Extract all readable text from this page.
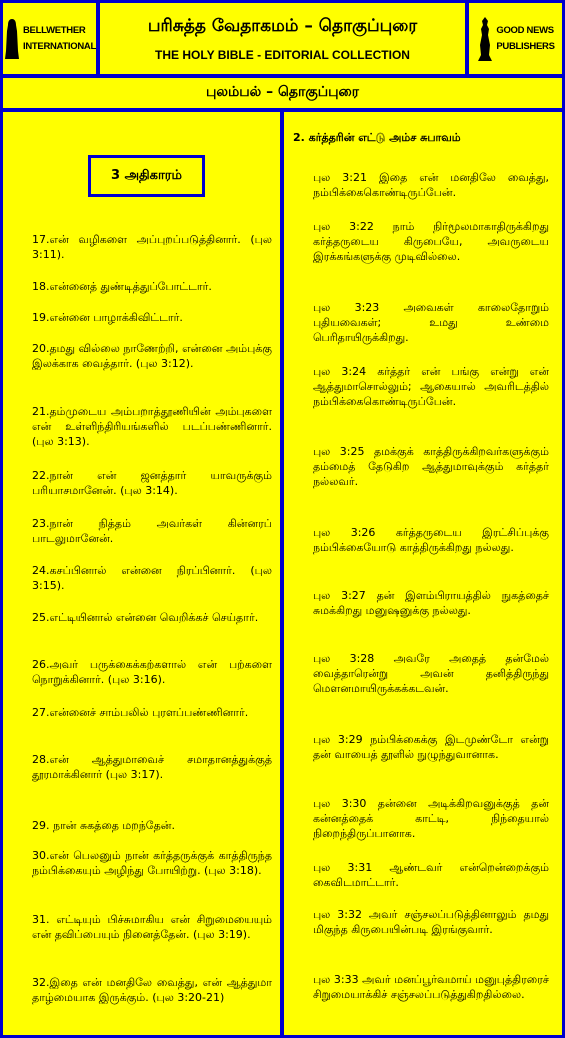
BELLWETHER
INTERNATIONAL
பரிசுத்த வேதாகமம் – தொகுப்புரை
THE HOLY BIBLE - EDITORIAL COLLECTION
GOOD NEWS
PUBLISHERS
புலம்பல் – தொகுப்புரை
3 அதிகாரம்
17.என் வழிகளை அப்புறப்படுத்தினார். (புல 3:11).
18.என்னைத் துண்டித்துப்போட்டார்.
19.என்னை பாழாக்கிவிட்டார்.
20.தமது வில்லை நாணேற்றி, என்னை அம்புக்கு இலக்காக வைத்தார். (புல 3:12).
21.தம்முடைய அம்பறாத்தூணியின் அம்புகளை என் உள்ளிந்திரியங்களில் படப்பண்ணினார். (புல 3:13).
22.நான் என் ஜனத்தார் யாவருக்கும் பரியாசமானேன். (புல 3:14).
23.நான் நித்தம் அவர்கள் கின்னரப் பாடலுமானேன்.
24.கசப்பினால் என்னை நிரப்பினார். (புல 3:15).
25.எட்டியினால் என்னை வெறிக்கச் செய்தார்.
26.அவர் பருக்கைக்கற்களால் என் பற்களை நொறுக்கினார். (புல 3:16).
27.என்னைச் சாம்பலில் புரளப்பண்ணினார்.
28.என் ஆத்துமாவைச் சமாதானத்துக்குத் தூரமாக்கினார் (புல 3:17).
29. நான் சுகத்தை மறந்தேன்.
30.என் பெலனும் நான் கர்த்தருக்குக் காத்திருந்த நம்பிக்கையும் அழிந்து போயிற்று. (புல 3:18).
31. எட்டியும் பிச்சுமாகிய என் சிறுமையையும் என் தவிப்பையும் நினைத்தேன். (புல 3:19).
32.இதை என் மனதிலே வைத்து, என் ஆத்துமா தாழ்மையாக இருக்கும். (புல 3:20-21)
2. கர்த்தரின் எட்டு அம்ச சுபாவம்
புல 3:21 இதை என் மனதிலே வைத்து, நம்பிக்கைகொண்டிருப்பேன்.
புல 3:22 நாம் நிர்மூலமாகாதிருக்கிறது கர்த்தருடைய கிருபையே, அவருடைய இரக்கங்களுக்கு முடிவில்லை.
புல 3:23 அவைகள் காலைதோறும் புதியவைகள்; உமது உண்மை பெரிதாயிருக்கிறது.
புல 3:24 கர்த்தர் என் பங்கு என்று என் ஆத்துமாசொல்லும்; ஆகையால் அவரிடத்தில் நம்பிக்கைகொண்டிருப்பேன்.
புல 3:25 தமக்குக் காத்திருக்கிறவர்களுக்கும் தம்மைத் தேடுகிற ஆத்துமாவுக்கும் கர்த்தர் நல்லவர்.
புல 3:26 கர்த்தருடைய இரட்சிப்புக்கு நம்பிக்கையோடு காத்திருக்கிறது நல்லது.
புல 3:27 தன் இளம்பிராயத்தில் நுகத்தைச் சுமக்கிறது மனுஷனுக்கு நல்லது.
புல 3:28 அவரே அதைத் தன்மேல் வைத்தாரென்று அவன் தனித்திருந்து மௌனமாயிருக்கக்கடவன்.
புல 3:29 நம்பிக்கைக்கு இடமுண்டோ என்று தன் வாயைத் தூளில் நுழுந்துவானாக.
புல 3:30 தன்னை அடிக்கிறவனுக்குத் தன் கன்னத்தைக் காட்டி, நிந்தையால் நிறைந்திருப்பானாக.
புல 3:31 ஆண்டவர் என்றென்றைக்கும் கைவிடமாட்டார்.
புல 3:32 அவர் சஞ்சலப்படுத்தினாலும் தமது மிகுந்த கிருபையின்படி இரங்குவார்.
புல 3:33 அவர் மனப்பூர்வமாய் மனுபுத்திரரைச் சிறுமையாக்கிச் சஞ்சலப்படுத்துகிறதில்லை.
